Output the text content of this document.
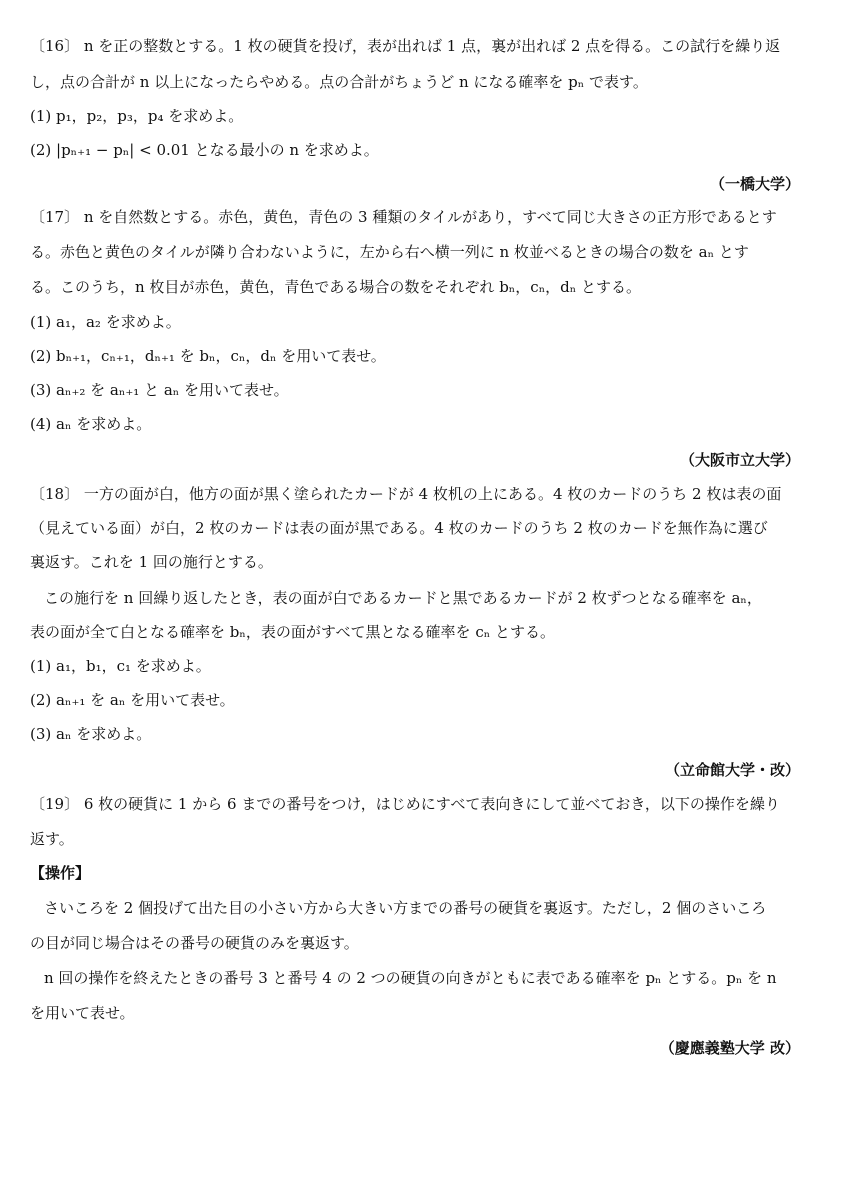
〔16〕 n を正の整数とする。1 枚の硬貨を投げ，表が出れば 1 点，裏が出れば 2 点を得る。この試行を繰り返
し，点の合計が n 以上になったらやめる。点の合計がちょうど n になる確率を pₙ で表す。
(1) p₁，p₂，p₃，p₄ を求めよ。
(2) |pₙ₊₁ − pₙ| < 0.01 となる最小の n を求めよ。
（一橋大学）
〔17〕 n を自然数とする。赤色，黄色，青色の 3 種類のタイルがあり，すべて同じ大きさの正方形であるとす
る。赤色と黄色のタイルが隣り合わないように，左から右へ横一列に n 枚並べるときの場合の数を aₙ とす
る。このうち，n 枚目が赤色，黄色，青色である場合の数をそれぞれ bₙ，cₙ，dₙ とする。
(1) a₁，a₂ を求めよ。
(2) bₙ₊₁，cₙ₊₁，dₙ₊₁ を bₙ，cₙ，dₙ を用いて表せ。
(3) aₙ₊₂ を aₙ₊₁ と aₙ を用いて表せ。
(4) aₙ を求めよ。
（大阪市立大学）
〔18〕 一方の面が白，他方の面が黒く塗られたカードが 4 枚机の上にある。4 枚のカードのうち 2 枚は表の面
（見えている面）が白，2 枚のカードは表の面が黒である。4 枚のカードのうち 2 枚のカードを無作為に選び
裏返す。これを 1 回の施行とする。
この施行を n 回繰り返したとき，表の面が白であるカードと黒であるカードが 2 枚ずつとなる確率を aₙ，
表の面が全て白となる確率を bₙ，表の面がすべて黒となる確率を cₙ とする。
(1) a₁，b₁，c₁ を求めよ。
(2) aₙ₊₁ を aₙ を用いて表せ。
(3) aₙ を求めよ。
（立命館大学・改）
〔19〕 6 枚の硬貨に 1 から 6 までの番号をつけ，はじめにすべて表向きにして並べておき，以下の操作を繰り
返す。
【操作】
さいころを 2 個投げて出た目の小さい方から大きい方までの番号の硬貨を裏返す。ただし，2 個のさいころ
の目が同じ場合はその番号の硬貨のみを裏返す。
n 回の操作を終えたときの番号 3 と番号 4 の 2 つの硬貨の向きがともに表である確率を pₙ とする。pₙ を n
を用いて表せ。
（慶應義塾大学 改）
